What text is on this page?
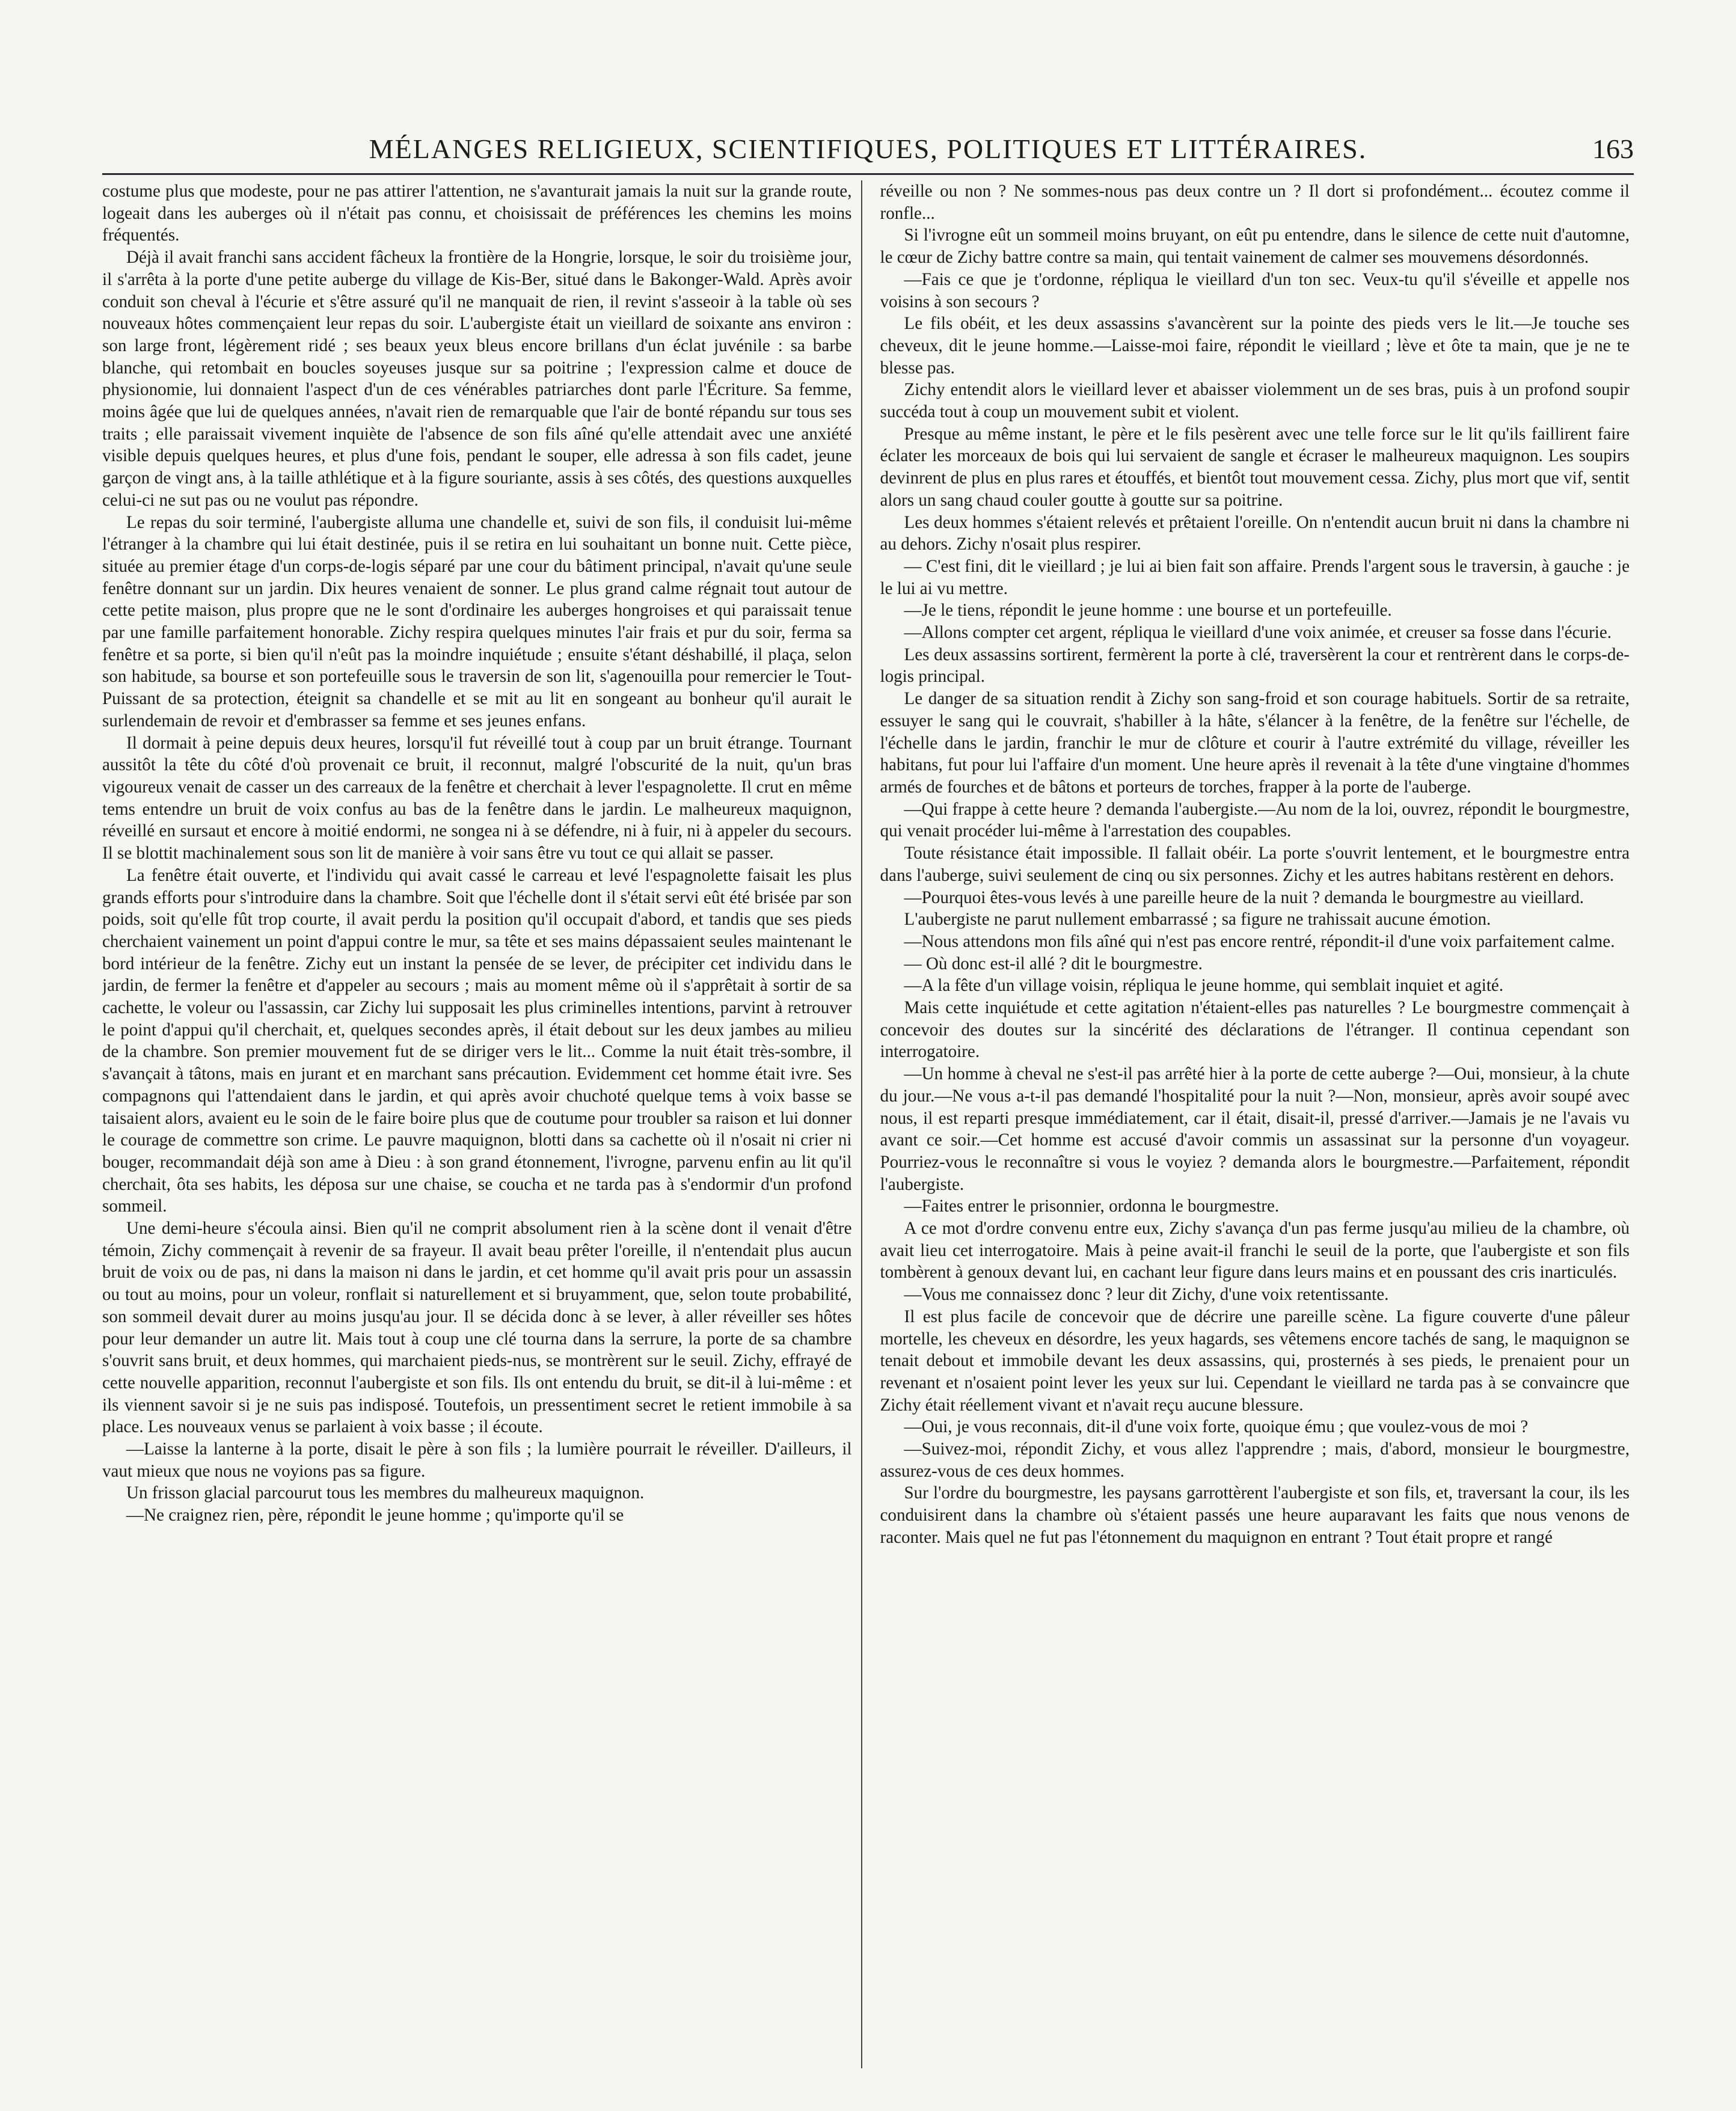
MÉLANGES RELIGIEUX, SCIENTIFIQUES, POLITIQUES ET LITTÉRAIRES.	163

costume plus que modeste, pour ne pas attirer l'attention, ne s'avanturait jamais la nuit sur la grande route, logeait dans les auberges où il n'était pas connu, et choisissait de préférences les chemins les moins fréquentés.

Déjà il avait franchi sans accident fâcheux la frontière de la Hongrie, lorsque, le soir du troisième jour, il s'arrêta à la porte d'une petite auberge du village de Kis-Ber, situé dans le Bakonger-Wald. Après avoir conduit son cheval à l'écurie et s'être assuré qu'il ne manquait de rien, il revint s'asseoir à la table où ses nouveaux hôtes commençaient leur repas du soir. L'aubergiste était un vieillard de soixante ans environ : son large front, légèrement ridé ; ses beaux yeux bleus encore brillans d'un éclat juvénile : sa barbe blanche, qui retombait en boucles soyeuses jusque sur sa poitrine ; l'expression calme et douce de physionomie, lui donnaient l'aspect d'un de ces vénérables patriarches dont parle l'Écriture. Sa femme, moins âgée que lui de quelques années, n'avait rien de remarquable que l'air de bonté répandu sur tous ses traits ; elle paraissait vivement inquiète de l'absence de son fils aîné qu'elle attendait avec une anxiété visible depuis quelques heures, et plus d'une fois, pendant le souper, elle adressa à son fils cadet, jeune garçon de vingt ans, à la taille athlétique et à la figure souriante, assis à ses côtés, des questions auxquelles celui-ci ne sut pas ou ne voulut pas répondre.

Le repas du soir terminé, l'aubergiste alluma une chandelle et, suivi de son fils, il conduisit lui-même l'étranger à la chambre qui lui était destinée, puis il se retira en lui souhaitant un bonne nuit. Cette pièce, située au premier étage d'un corps-de-logis séparé par une cour du bâtiment principal, n'avait qu'une seule fenêtre donnant sur un jardin. Dix heures venaient de sonner. Le plus grand calme régnait tout autour de cette petite maison, plus propre que ne le sont d'ordinaire les auberges hongroises et qui paraissait tenue par une famille parfaitement honorable. Zichy respira quelques minutes l'air frais et pur du soir, ferma sa fenêtre et sa porte, si bien qu'il n'eût pas la moindre inquiétude ; ensuite s'étant déshabillé, il plaça, selon son habitude, sa bourse et son portefeuille sous le traversin de son lit, s'agenouilla pour remercier le Tout-Puissant de sa protection, éteignit sa chandelle et se mit au lit en songeant au bonheur qu'il aurait le surlendemain de revoir et d'embrasser sa femme et ses jeunes enfans.

Il dormait à peine depuis deux heures, lorsqu'il fut réveillé tout à coup par un bruit étrange. Tournant aussitôt la tête du côté d'où provenait ce bruit, il reconnut, malgré l'obscurité de la nuit, qu'un bras vigoureux venait de casser un des carreaux de la fenêtre et cherchait à lever l'espagnolette. Il crut en même tems entendre un bruit de voix confus au bas de la fenêtre dans le jardin. Le malheureux maquignon, réveillé en sursaut et encore à moitié endormi, ne songea ni à se défendre, ni à fuir, ni à appeler du secours. Il se blottit machinalement sous son lit de manière à voir sans être vu tout ce qui allait se passer.

La fenêtre était ouverte, et l'individu qui avait cassé le carreau et levé l'espagnolette faisait les plus grands efforts pour s'introduire dans la chambre. Soit que l'échelle dont il s'était servi eût été brisée par son poids, soit qu'elle fût trop courte, il avait perdu la position qu'il occupait d'abord, et tandis que ses pieds cherchaient vainement un point d'appui contre le mur, sa tête et ses mains dépassaient seules maintenant le bord intérieur de la fenêtre. Zichy eut un instant la pensée de se lever, de précipiter cet individu dans le jardin, de fermer la fenêtre et d'appeler au secours ; mais au moment même où il s'apprêtait à sortir de sa cachette, le voleur ou l'assassin, car Zichy lui supposait les plus criminelles intentions, parvint à retrouver le point d'appui qu'il cherchait, et, quelques secondes après, il était debout sur les deux jambes au milieu de la chambre. Son premier mouvement fut de se diriger vers le lit... Comme la nuit était très-sombre, il s'avançait à tâtons, mais en jurant et en marchant sans précaution. Evidemment cet homme était ivre. Ses compagnons qui l'attendaient dans le jardin, et qui après avoir chuchoté quelque tems à voix basse se taisaient alors, avaient eu le soin de le faire boire plus que de coutume pour troubler sa raison et lui donner le courage de commettre son crime. Le pauvre maquignon, blotti dans sa cachette où il n'osait ni crier ni bouger, recommandait déjà son ame à Dieu : à son grand étonnement, l'ivrogne, parvenu enfin au lit qu'il cherchait, ôta ses habits, les déposa sur une chaise, se coucha et ne tarda pas à s'endormir d'un profond sommeil.

Une demi-heure s'écoula ainsi. Bien qu'il ne comprit absolument rien à la scène dont il venait d'être témoin, Zichy commençait à revenir de sa frayeur. Il avait beau prêter l'oreille, il n'entendait plus aucun bruit de voix ou de pas, ni dans la maison ni dans le jardin, et cet homme qu'il avait pris pour un assassin ou tout au moins, pour un voleur, ronflait si naturellement et si bruyamment, que, selon toute probabilité, son sommeil devait durer au moins jusqu'au jour. Il se décida donc à se lever, à aller réveiller ses hôtes pour leur demander un autre lit. Mais tout à coup une clé tourna dans la serrure, la porte de sa chambre s'ouvrit sans bruit, et deux hommes, qui marchaient pieds-nus, se montrèrent sur le seuil. Zichy, effrayé de cette nouvelle apparition, reconnut l'aubergiste et son fils. Ils ont entendu du bruit, se dit-il à lui-même : et ils viennent savoir si je ne suis pas indisposé. Toutefois, un pressentiment secret le retient immobile à sa place. Les nouveaux venus se parlaient à voix basse ; il écoute.

—Laisse la lanterne à la porte, disait le père à son fils ; la lumière pourrait le réveiller. D'ailleurs, il vaut mieux que nous ne voyions pas sa figure.

Un frisson glacial parcourut tous les membres du malheureux maquignon.

—Ne craignez rien, père, répondit le jeune homme ; qu'importe qu'il se

réveille ou non ? Ne sommes-nous pas deux contre un ? Il dort si profondément... écoutez comme il ronfle...

Si l'ivrogne eût un sommeil moins bruyant, on eût pu entendre, dans le silence de cette nuit d'automne, le cœur de Zichy battre contre sa main, qui tentait vainement de calmer ses mouvemens désordonnés.

—Fais ce que je t'ordonne, répliqua le vieillard d'un ton sec. Veux-tu qu'il s'éveille et appelle nos voisins à son secours ?

Le fils obéit, et les deux assassins s'avancèrent sur la pointe des pieds vers le lit.—Je touche ses cheveux, dit le jeune homme.—Laisse-moi faire, répondit le vieillard ; lève et ôte ta main, que je ne te blesse pas.

Zichy entendit alors le vieillard lever et abaisser violemment un de ses bras, puis à un profond soupir succéda tout à coup un mouvement subit et violent.

Presque au même instant, le père et le fils pesèrent avec une telle force sur le lit qu'ils faillirent faire éclater les morceaux de bois qui lui servaient de sangle et écraser le malheureux maquignon. Les soupirs devinrent de plus en plus rares et étouffés, et bientôt tout mouvement cessa. Zichy, plus mort que vif, sentit alors un sang chaud couler goutte à goutte sur sa poitrine.

Les deux hommes s'étaient relevés et prêtaient l'oreille. On n'entendit aucun bruit ni dans la chambre ni au dehors. Zichy n'osait plus respirer.

— C'est fini, dit le vieillard ; je lui ai bien fait son affaire. Prends l'argent sous le traversin, à gauche : je le lui ai vu mettre.

—Je le tiens, répondit le jeune homme : une bourse et un portefeuille.

—Allons compter cet argent, répliqua le vieillard d'une voix animée, et creuser sa fosse dans l'écurie.

Les deux assassins sortirent, fermèrent la porte à clé, traversèrent la cour et rentrèrent dans le corps-de-logis principal.

Le danger de sa situation rendit à Zichy son sang-froid et son courage habituels. Sortir de sa retraite, essuyer le sang qui le couvrait, s'habiller à la hâte, s'élancer à la fenêtre, de la fenêtre sur l'échelle, de l'échelle dans le jardin, franchir le mur de clôture et courir à l'autre extrémité du village, réveiller les habitans, fut pour lui l'affaire d'un moment. Une heure après il revenait à la tête d'une vingtaine d'hommes armés de fourches et de bâtons et porteurs de torches, frapper à la porte de l'auberge.

—Qui frappe à cette heure ? demanda l'aubergiste.—Au nom de la loi, ouvrez, répondit le bourgmestre, qui venait procéder lui-même à l'arrestation des coupables.

Toute résistance était impossible. Il fallait obéir. La porte s'ouvrit lentement, et le bourgmestre entra dans l'auberge, suivi seulement de cinq ou six personnes. Zichy et les autres habitans restèrent en dehors.

—Pourquoi êtes-vous levés à une pareille heure de la nuit ? demanda le bourgmestre au vieillard.

L'aubergiste ne parut nullement embarrassé ; sa figure ne trahissait aucune émotion.

—Nous attendons mon fils aîné qui n'est pas encore rentré, répondit-il d'une voix parfaitement calme.

— Où donc est-il allé ? dit le bourgmestre.

—A la fête d'un village voisin, répliqua le jeune homme, qui semblait inquiet et agité.

Mais cette inquiétude et cette agitation n'étaient-elles pas naturelles ? Le bourgmestre commençait à concevoir des doutes sur la sincérité des déclarations de l'étranger. Il continua cependant son interrogatoire.

—Un homme à cheval ne s'est-il pas arrêté hier à la porte de cette auberge ?—Oui, monsieur, à la chute du jour.—Ne vous a-t-il pas demandé l'hospitalité pour la nuit ?—Non, monsieur, après avoir soupé avec nous, il est reparti presque immédiatement, car il était, disait-il, pressé d'arriver.—Jamais je ne l'avais vu avant ce soir.—Cet homme est accusé d'avoir commis un assassinat sur la personne d'un voyageur. Pourriez-vous le reconnaître si vous le voyiez ? demanda alors le bourgmestre.—Parfaitement, répondit l'aubergiste.

—Faites entrer le prisonnier, ordonna le bourgmestre.

A ce mot d'ordre convenu entre eux, Zichy s'avança d'un pas ferme jusqu'au milieu de la chambre, où avait lieu cet interrogatoire. Mais à peine avait-il franchi le seuil de la porte, que l'aubergiste et son fils tombèrent à genoux devant lui, en cachant leur figure dans leurs mains et en poussant des cris inarticulés.

—Vous me connaissez donc ? leur dit Zichy, d'une voix retentissante.

Il est plus facile de concevoir que de décrire une pareille scène. La figure couverte d'une pâleur mortelle, les cheveux en désordre, les yeux hagards, ses vêtemens encore tachés de sang, le maquignon se tenait debout et immobile devant les deux assassins, qui, prosternés à ses pieds, le prenaient pour un revenant et n'osaient point lever les yeux sur lui. Cependant le vieillard ne tarda pas à se convaincre que Zichy était réellement vivant et n'avait reçu aucune blessure.

—Oui, je vous reconnais, dit-il d'une voix forte, quoique ému ; que voulez-vous de moi ?

—Suivez-moi, répondit Zichy, et vous allez l'apprendre ; mais, d'abord, monsieur le bourgmestre, assurez-vous de ces deux hommes.

Sur l'ordre du bourgmestre, les paysans garrottèrent l'aubergiste et son fils, et, traversant la cour, ils les conduisirent dans la chambre où s'étaient passés une heure auparavant les faits que nous venons de raconter. Mais quel ne fut pas l'étonnement du maquignon en entrant ? Tout était propre et rangé
